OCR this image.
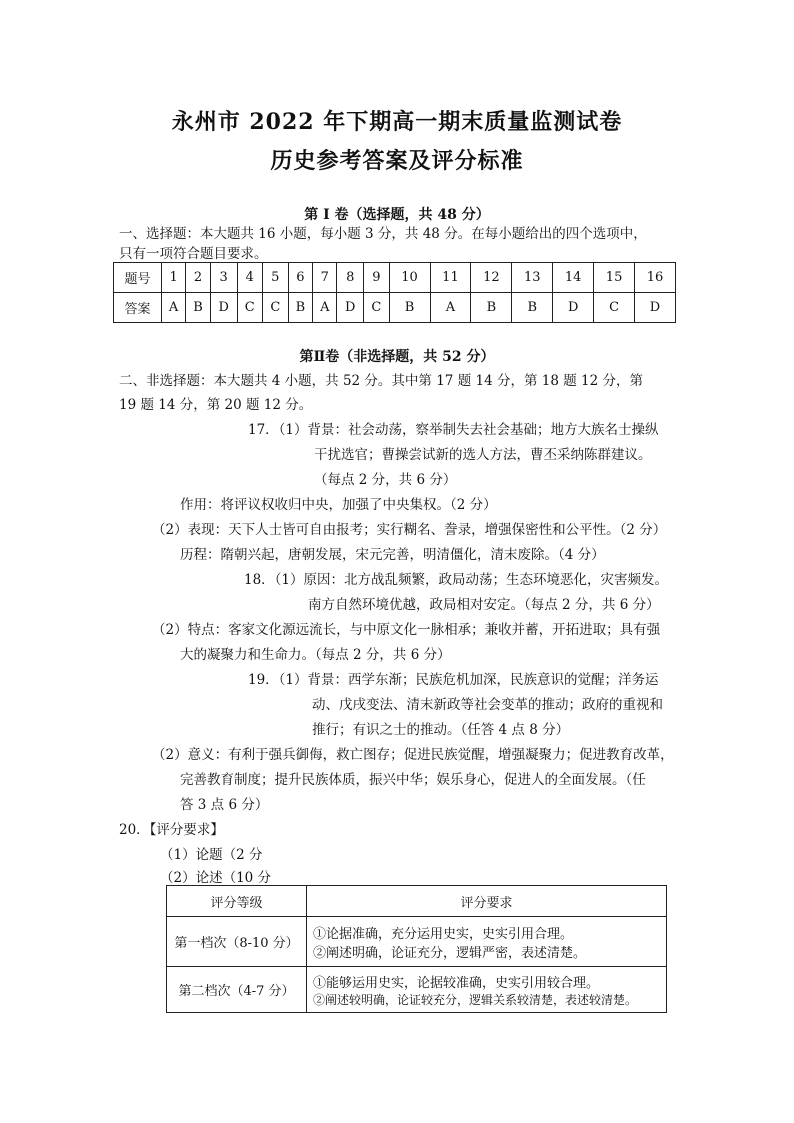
永州市 2022 年下期高一期末质量监测试卷
历史参考答案及评分标准
第 I 卷（选择题，共 48 分）
一、选择题：本大题共 16 小题，每小题 3 分，共 48 分。在每小题给出的四个选项中，
只有一项符合题目要求。
题号	1	2	3	4	5	6	7	8	9	10	11	12	13	14	15	16
答案	A	B	D	C	C	B	A	D	C	B	A	B	B	D	C	D
第Ⅱ卷（非选择题，共 52 分）
二、非选择题：本大题共 4 小题，共 52 分。其中第 17 题 14 分，第 18 题 12 分，第
19 题 14 分，第 20 题 12 分。
17．（1）背景：社会动荡，察举制失去社会基础；地方大族名士操纵
干扰选官；曹操尝试新的选人方法，曹丕采纳陈群建议。
（每点 2 分，共 6 分）
作用：将评议权收归中央，加强了中央集权。（2 分）
（2）表现：天下人士皆可自由报考；实行糊名、誊录，增强保密性和公平性。（2 分）
历程：隋朝兴起，唐朝发展，宋元完善，明清僵化，清末废除。（4 分）
18．（1）原因：北方战乱频繁，政局动荡；生态环境恶化，灾害频发。
南方自然环境优越，政局相对安定。（每点 2 分，共 6 分）
（2）特点：客家文化源远流长，与中原文化一脉相承；兼收并蓄，开拓进取；具有强
大的凝聚力和生命力。（每点 2 分，共 6 分）
19．（1）背景：西学东渐；民族危机加深，民族意识的觉醒；洋务运
动、戊戌变法、清末新政等社会变革的推动；政府的重视和
推行；有识之士的推动。（任答 4 点 8 分）
（2）意义：有利于强兵御侮，救亡图存；促进民族觉醒，增强凝聚力；促进教育改革，
完善教育制度；提升民族体质，振兴中华；娱乐身心，促进人的全面发展。（任
答 3 点 6 分）
20．【评分要求】
（1）论题（2 分
（2）论述（10 分
评分等级	评分要求
第一档次（8-10 分）	①论据准确，充分运用史实，史实引用合理。
②阐述明确，论证充分，逻辑严密，表述清楚。

第二档次（4-7 分）	①能够运用史实，论据较准确，史实引用较合理。
②阐述较明确，论证较充分，逻辑关系较清楚，表述较清楚。
